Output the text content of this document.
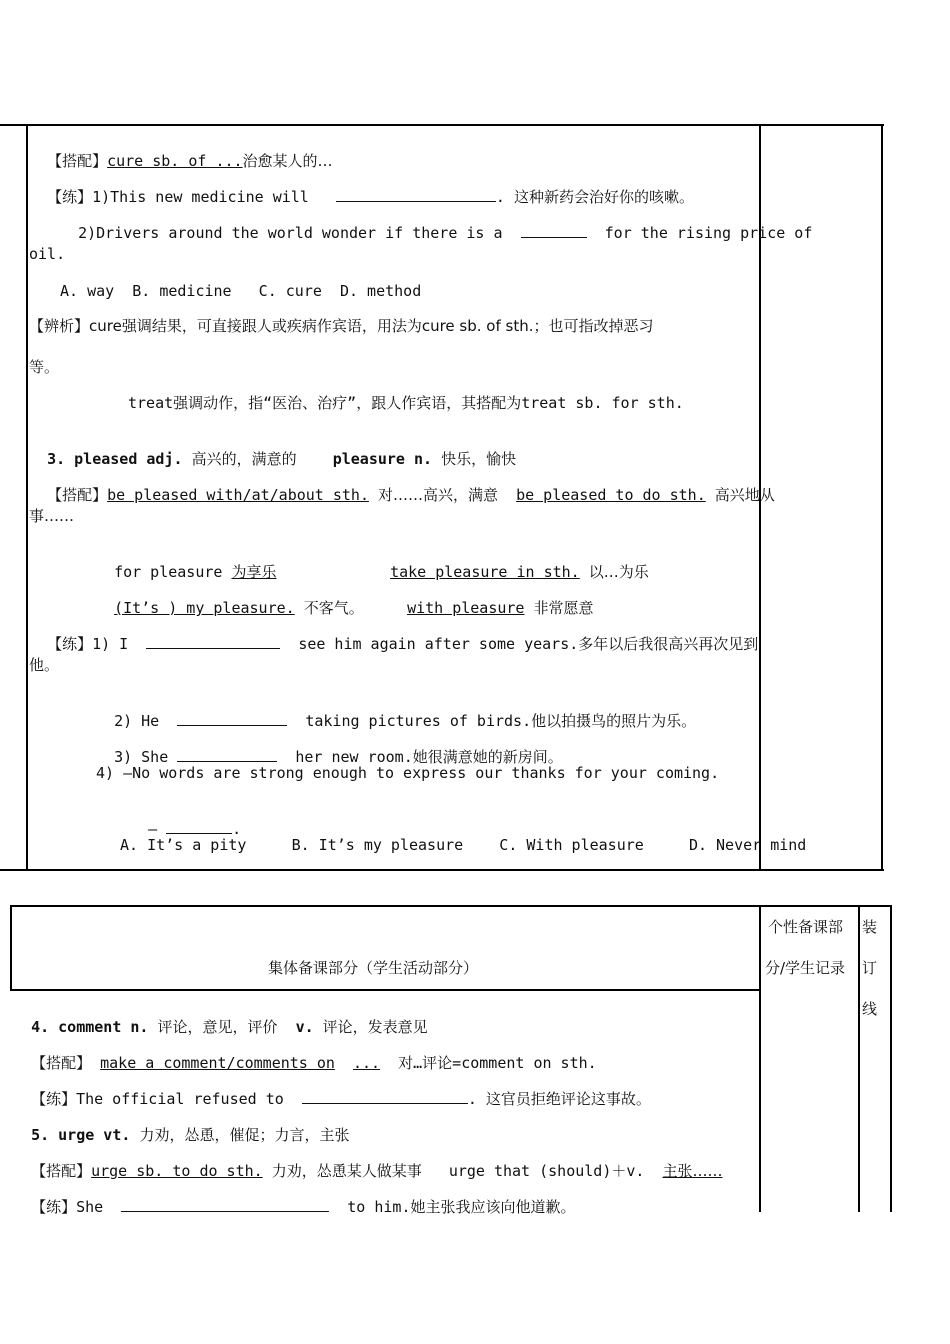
【搭配】cure sb. of ...治愈某人的…

【练】1)This new medicine will	. 这种新药会治好你的咳嗽。

2)Drivers around the world wonder if there is a	for the rising price of

oil.
A. way  B. medicine   C. cure  D. method
【辨析】cure强调结果，可直接跟人或疾病作宾语，用法为cure sb. of sth.；也可指改掉恶习
等。
treat强调动作，指“医治、治疗”，跟人作宾语，其搭配为treat sb. for sth.

3. pleased adj. 高兴的，满意的 pleasure n. 快乐，愉快

【搭配】be pleased with/at/about sth. 对……高兴，满意 be pleased to do sth. 高兴地从

事……

for pleasure 为享乐	take pleasure in sth. 以…为乐

(It’s ) my pleasure. 不客气。	with pleasure 非常愿意

【练】1) I	see him again after some years.多年以后我很高兴再次见到

他。

2) He	taking pictures of birds.他以拍摄鸟的照片为乐。

3) She	her new room.她很满意她的新房间。

4) —No words are strong enough to express our thanks for your coming.

—	.

A. It’s a pity     B. It’s my pleasure    C. With pleasure     D. Never mind
集体备课部分（学生活动部分）
个性备课部
分/学生记录
装
订
线

4. comment n. 评论，意见，评价 v. 评论，发表意见

【搭配】 make a comment/comments on ... 对…评论=comment on sth.

【练】The official refused to	. 这官员拒绝评论这事故。

5. urge vt. 力劝，怂恿，催促；力言，主张

【搭配】urge sb. to do sth. 力劝，怂恿某人做某事 urge that (should)＋v. 主张……

【练】She	to him.她主张我应该向他道歉。
